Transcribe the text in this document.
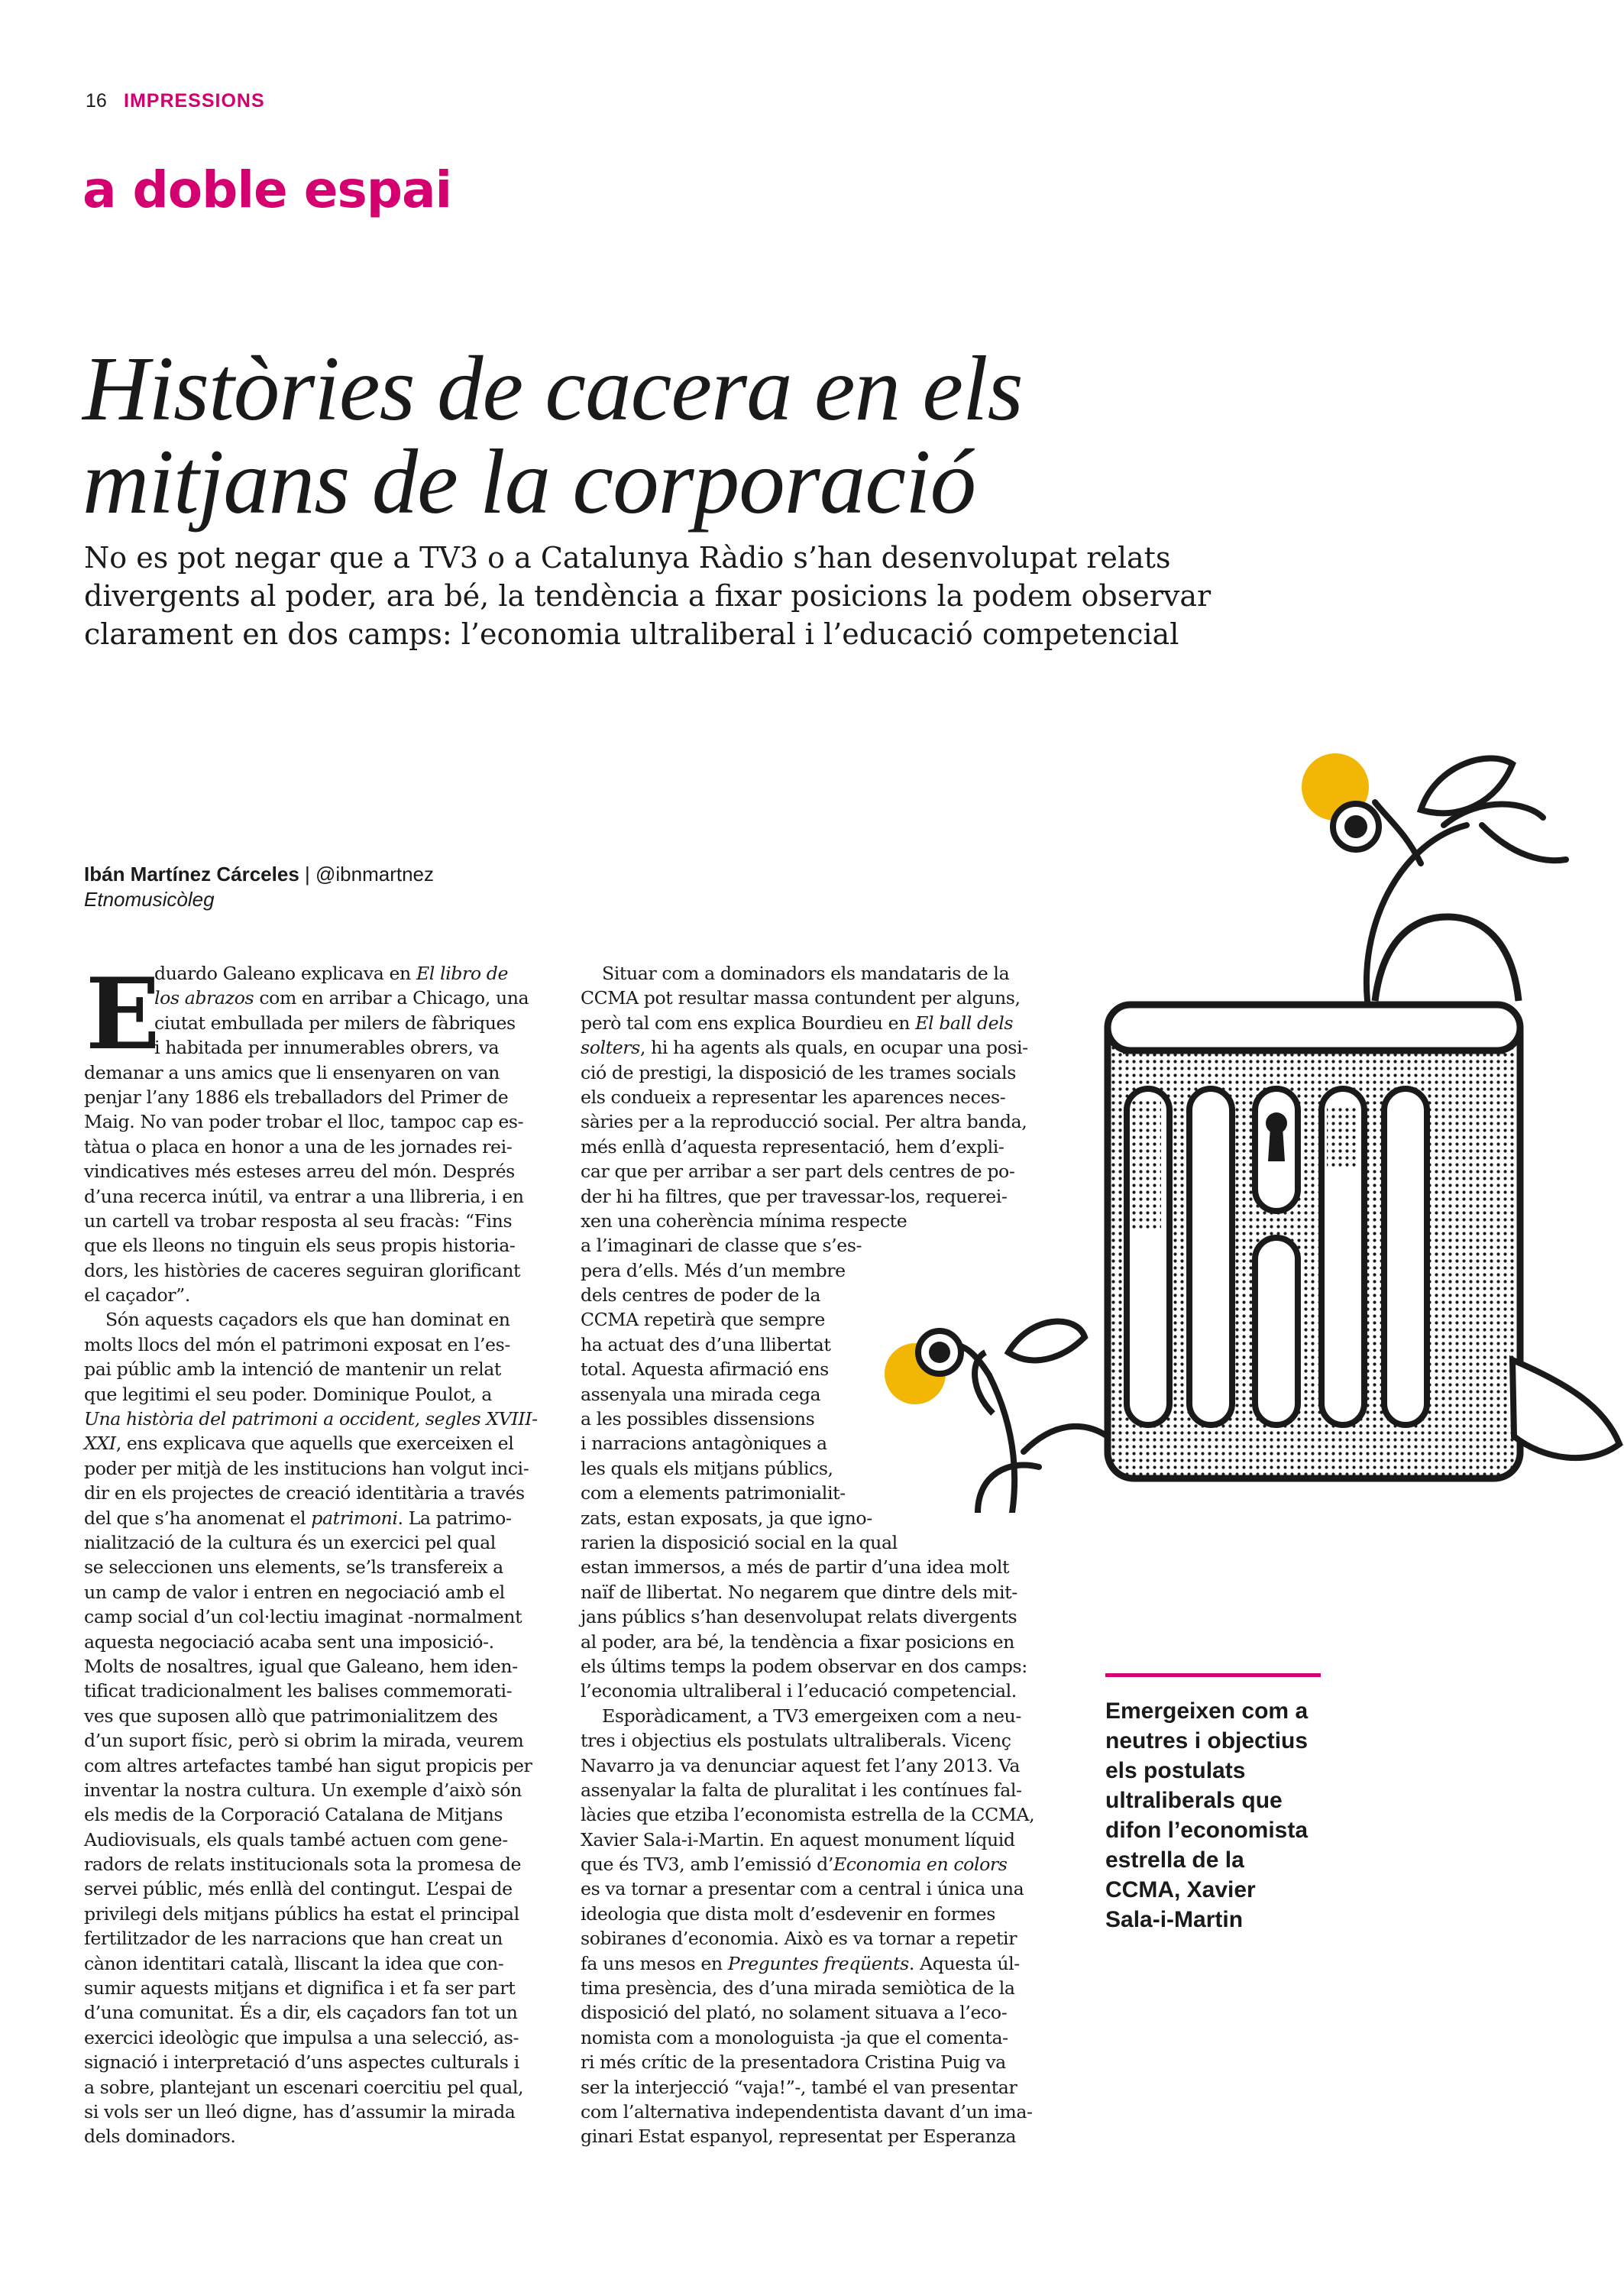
16 IMPRESSIONS
a doble espai
Històries de cacera en els
mitjans de la corporació
No es pot negar que a TV3 o a Catalunya Ràdio s’han desenvolupat relats
divergents al poder, ara bé, la tendència a fixar posicions la podem observar
clarament en dos camps: l’economia ultraliberal i l’educació competencial
Ibán Martínez Cárceles | @ibnmartnez
Etnomusicòleg
E
duardo Galeano explicava en El libro de
los abrazos com en arribar a Chicago, una
ciutat embullada per milers de fàbriques
i habitada per innumerables obrers, va
demanar a uns amics que li ensenyaren on van
penjar l’any 1886 els treballadors del Primer de
Maig. No van poder trobar el lloc, tampoc cap es-
tàtua o placa en honor a una de les jornades rei-
vindicatives més esteses arreu del món. Després
d’una recerca inútil, va entrar a una llibreria, i en
un cartell va trobar resposta al seu fracàs: “Fins
que els lleons no tinguin els seus propis historia-
dors, les històries de caceres seguiran glorificant
el caçador”.
Són aquests caçadors els que han dominat en
molts llocs del món el patrimoni exposat en l’es-
pai públic amb la intenció de mantenir un relat
que legitimi el seu poder. Dominique Poulot, a
Una història del patrimoni a occident, segles XVIII-
XXI, ens explicava que aquells que exerceixen el
poder per mitjà de les institucions han volgut inci-
dir en els projectes de creació identitària a través
del que s’ha anomenat el patrimoni. La patrimo-
nialització de la cultura és un exercici pel qual
se seleccionen uns elements, se’ls transfereix a
un camp de valor i entren en negociació amb el
camp social d’un col·lectiu imaginat -normalment
aquesta negociació acaba sent una imposició-.
Molts de nosaltres, igual que Galeano, hem iden-
tificat tradicionalment les balises commemorati-
ves que suposen allò que patrimonialitzem des
d’un suport físic, però si obrim la mirada, veurem
com altres artefactes també han sigut propicis per
inventar la nostra cultura. Un exemple d’això són
els medis de la Corporació Catalana de Mitjans
Audiovisuals, els quals també actuen com gene-
radors de relats institucionals sota la promesa de
servei públic, més enllà del contingut. L’espai de
privilegi dels mitjans públics ha estat el principal
fertilitzador de les narracions que han creat un
cànon identitari català, lliscant la idea que con-
sumir aquests mitjans et dignifica i et fa ser part
d’una comunitat. És a dir, els caçadors fan tot un
exercici ideològic que impulsa a una selecció, as-
signació i interpretació d’uns aspectes culturals i
a sobre, plantejant un escenari coercitiu pel qual,
si vols ser un lleó digne, has d’assumir la mirada
dels dominadors.
Situar com a dominadors els mandataris de la
CCMA pot resultar massa contundent per alguns,
però tal com ens explica Bourdieu en El ball dels
solters, hi ha agents als quals, en ocupar una posi-
ció de prestigi, la disposició de les trames socials
els condueix a representar les aparences neces-
sàries per a la reproducció social. Per altra banda,
més enllà d’aquesta representació, hem d’expli-
car que per arribar a ser part dels centres de po-
der hi ha filtres, que per travessar-los, requerei-
xen una coherència mínima respecte
a l’imaginari de classe que s’es-
pera d’ells. Més d’un membre
dels centres de poder de la
CCMA repetirà que sempre
ha actuat des d’una llibertat
total. Aquesta afirmació ens
assenyala una mirada cega
a les possibles dissensions
i narracions antagòniques a
les quals els mitjans públics,
com a elements patrimonialit-
zats, estan exposats, ja que igno-
rarien la disposició social en la qual
estan immersos, a més de partir d’una idea molt
naïf de llibertat. No negarem que dintre dels mit-
jans públics s’han desenvolupat relats divergents
al poder, ara bé, la tendència a fixar posicions en
els últims temps la podem observar en dos camps:
l’economia ultraliberal i l’educació competencial.
Esporàdicament, a TV3 emergeixen com a neu-
tres i objectius els postulats ultraliberals. Vicenç
Navarro ja va denunciar aquest fet l’any 2013. Va
assenyalar la falta de pluralitat i les contínues fal-
làcies que etziba l’economista estrella de la CCMA,
Xavier Sala-i-Martin. En aquest monument líquid
que és TV3, amb l’emissió d’Economia en colors
es va tornar a presentar com a central i única una
ideologia que dista molt d’esdevenir en formes
sobiranes d’economia. Això es va tornar a repetir
fa uns mesos en Preguntes freqüents. Aquesta úl-
tima presència, des d’una mirada semiòtica de la
disposició del plató, no solament situava a l’eco-
nomista com a monologuista -ja que el comenta-
ri més crític de la presentadora Cristina Puig va
ser la interjecció “vaja!”-, també el van presentar
com l’alternativa independentista davant d’un ima-
ginari Estat espanyol, representat per Esperanza
Emergeixen com a
neutres i objectius
els postulats
ultraliberals que
difon l’economista
estrella de la
CCMA, Xavier
Sala-i-Martin
